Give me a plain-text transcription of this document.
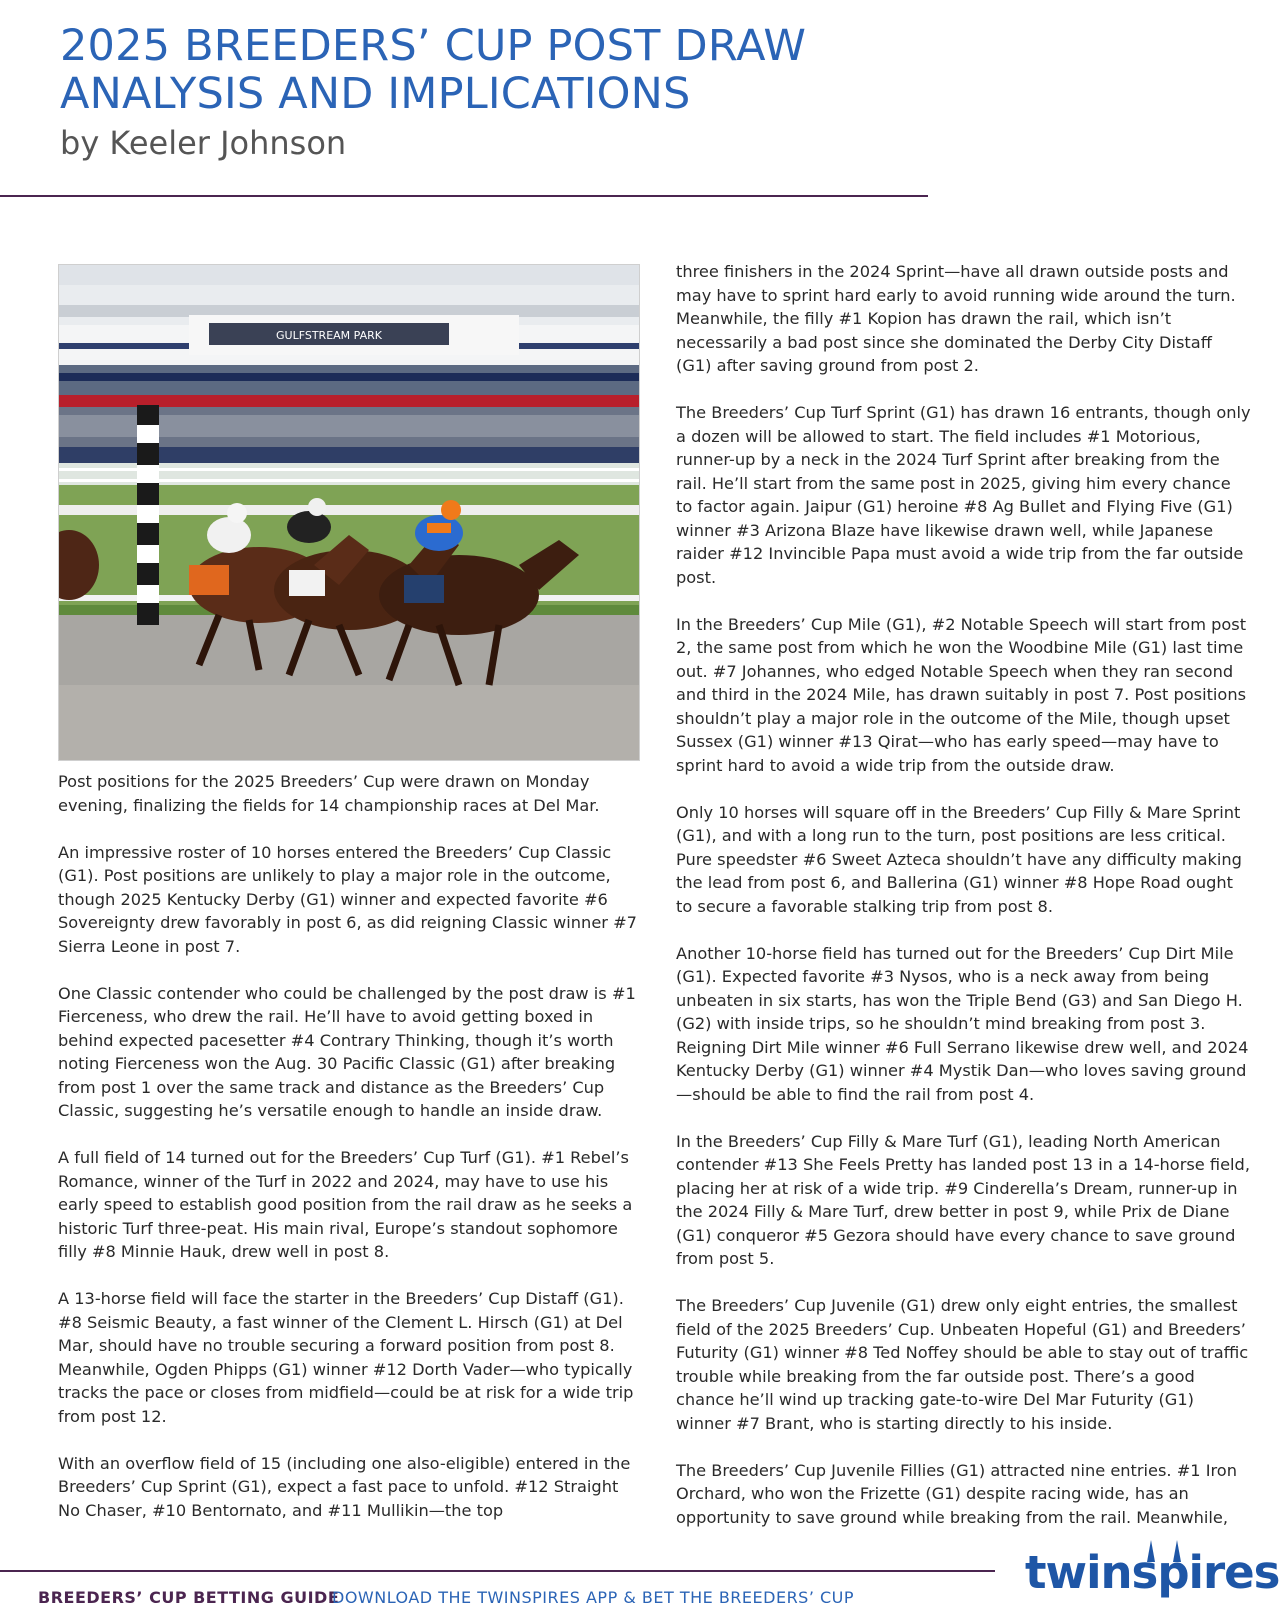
2025 BREEDERS’ CUP POST DRAW ANALYSIS AND IMPLICATIONS

by Keeler Johnson

GULFSTREAM PARK

Post positions for the 2025 Breeders’ Cup were drawn on Monday evening, finalizing the fields for 14 championship races at Del Mar.

An impressive roster of 10 horses entered the Breeders’ Cup Classic (G1). Post positions are unlikely to play a major role in the outcome, though 2025 Kentucky Derby (G1) winner and expected favorite #6 Sovereignty drew favorably in post 6, as did reigning Classic winner #7 Sierra Leone in post 7.

One Classic contender who could be challenged by the post draw is #1 Fierceness, who drew the rail. He’ll have to avoid getting boxed in behind expected pacesetter #4 Contrary Thinking, though it’s worth noting Fierceness won the Aug. 30 Pacific Classic (G1) after breaking from post 1 over the same track and distance as the Breeders’ Cup Classic, suggesting he’s versatile enough to handle an inside draw.

A full field of 14 turned out for the Breeders’ Cup Turf (G1). #1 Rebel’s Romance, winner of the Turf in 2022 and 2024, may have to use his early speed to establish good position from the rail draw as he seeks a historic Turf three-peat. His main rival, Europe’s standout sophomore filly #8 Minnie Hauk, drew well in post 8.

A 13-horse field will face the starter in the Breeders’ Cup Distaff (G1). #8 Seismic Beauty, a fast winner of the Clement L. Hirsch (G1) at Del Mar, should have no trouble securing a forward position from post 8. Meanwhile, Ogden Phipps (G1) winner #12 Dorth Vader—who typically tracks the pace or closes from midfield—could be at risk for a wide trip from post 12.

With an overflow field of 15 (including one also-eligible) entered in the Breeders’ Cup Sprint (G1), expect a fast pace to unfold. #12 Straight No Chaser, #10 Bentornato, and #11 Mullikin—the top

three finishers in the 2024 Sprint—have all drawn outside posts and may have to sprint hard early to avoid running wide around the turn. Meanwhile, the filly #1 Kopion has drawn the rail, which isn’t necessarily a bad post since she dominated the Derby City Distaff (G1) after saving ground from post 2.

The Breeders’ Cup Turf Sprint (G1) has drawn 16 entrants, though only a dozen will be allowed to start. The field includes #1 Motorious, runner-up by a neck in the 2024 Turf Sprint after breaking from the rail. He’ll start from the same post in 2025, giving him every chance to factor again. Jaipur (G1) heroine #8 Ag Bullet and Flying Five (G1) winner #3 Arizona Blaze have likewise drawn well, while Japanese raider #12 Invincible Papa must avoid a wide trip from the far outside post.

In the Breeders’ Cup Mile (G1), #2 Notable Speech will start from post 2, the same post from which he won the Woodbine Mile (G1) last time out. #7 Johannes, who edged Notable Speech when they ran second and third in the 2024 Mile, has drawn suitably in post 7. Post positions shouldn’t play a major role in the outcome of the Mile, though upset Sussex (G1) winner #13 Qirat—who has early speed—may have to sprint hard to avoid a wide trip from the outside draw.

Only 10 horses will square off in the Breeders’ Cup Filly & Mare Sprint (G1), and with a long run to the turn, post positions are less critical. Pure speedster #6 Sweet Azteca shouldn’t have any difficulty making the lead from post 6, and Ballerina (G1) winner #8 Hope Road ought to secure a favorable stalking trip from post 8.

Another 10-horse field has turned out for the Breeders’ Cup Dirt Mile (G1). Expected favorite #3 Nysos, who is a neck away from being unbeaten in six starts, has won the Triple Bend (G3) and San Diego H. (G2) with inside trips, so he shouldn’t mind breaking from post 3. Reigning Dirt Mile winner #6 Full Serrano likewise drew well, and 2024 Kentucky Derby (G1) winner #4 Mystik Dan—who loves saving ground—should be able to find the rail from post 4.

In the Breeders’ Cup Filly & Mare Turf (G1), leading North American contender #13 She Feels Pretty has landed post 13 in a 14-horse field, placing her at risk of a wide trip. #9 Cinderella’s Dream, runner-up in the 2024 Filly & Mare Turf, drew better in post 9, while Prix de Diane (G1) conqueror #5 Gezora should have every chance to save ground from post 5.

The Breeders’ Cup Juvenile (G1) drew only eight entries, the smallest field of the 2025 Breeders’ Cup. Unbeaten Hopeful (G1) and Breeders’ Futurity (G1) winner #8 Ted Noffey should be able to stay out of traffic trouble while breaking from the far outside post. There’s a good chance he’ll wind up tracking gate-to-wire Del Mar Futurity (G1) winner #7 Brant, who is starting directly to his inside.

The Breeders’ Cup Juvenile Fillies (G1) attracted nine entries. #1 Iron Orchard, who won the Frizette (G1) despite racing wide, has an opportunity to save ground while breaking from the rail. Meanwhile,

BREEDERS’ CUP BETTING GUIDE
DOWNLOAD THE TWINSPIRES APP & BET THE BREEDERS’ CUP	twinspires
